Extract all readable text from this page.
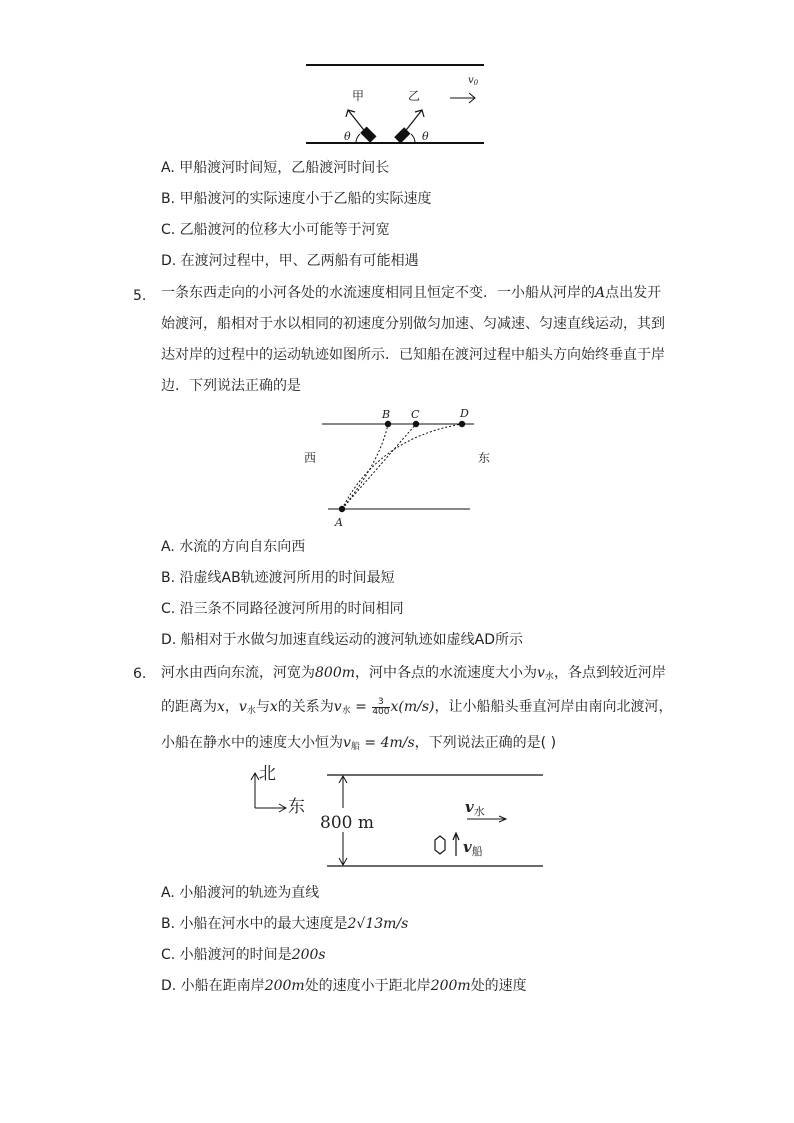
甲	乙
θ	θ
$v_0$
A. 甲船渡河时间短，乙船渡河时间长
B. 甲船渡河的实际速度小于乙船的实际速度
C. 乙船渡河的位移大小可能等于河宽
D. 在渡河过程中，甲、乙两船有可能相遇
5. 一条东西走向的小河各处的水流速度相同且恒定不变．一小船从河岸的A点出发开
始渡河，船相对于水以相同的初速度分别做匀加速、匀减速、匀速直线运动，其到
达对岸的过程中的运动轨迹如图所示．已知船在渡河过程中船头方向始终垂直于岸
边．下列说法正确的是
B C	D
A
西	东
A. 水流的方向自东向西
B. 沿虚线AB轨迹渡河所用的时间最短
C. 沿三条不同路径渡河所用的时间相同
D. 船相对于水做匀加速直线运动的渡河轨迹如虚线AD所示
6. 河水由西向东流，河宽为800m，河中各点的水流速度大小为$v_水$，各点到较近河岸
的距离为x，$v_水$与x的关系为$v_水 = \frac{3}{400} x(m/s)$，让小船船头垂直河岸由南向北渡河，
小船在静水中的速度大小恒为$v_船 = 4m/s$，下列说法正确的是( )
北
东
800 m
$v_水$
$v_船$
A. 小船渡河的轨迹为直线
B. 小船在河水中的最大速度是2√13m/s
C. 小船渡河的时间是200s
D. 小船在距南岸200m处的速度小于距北岸200m处的速度
